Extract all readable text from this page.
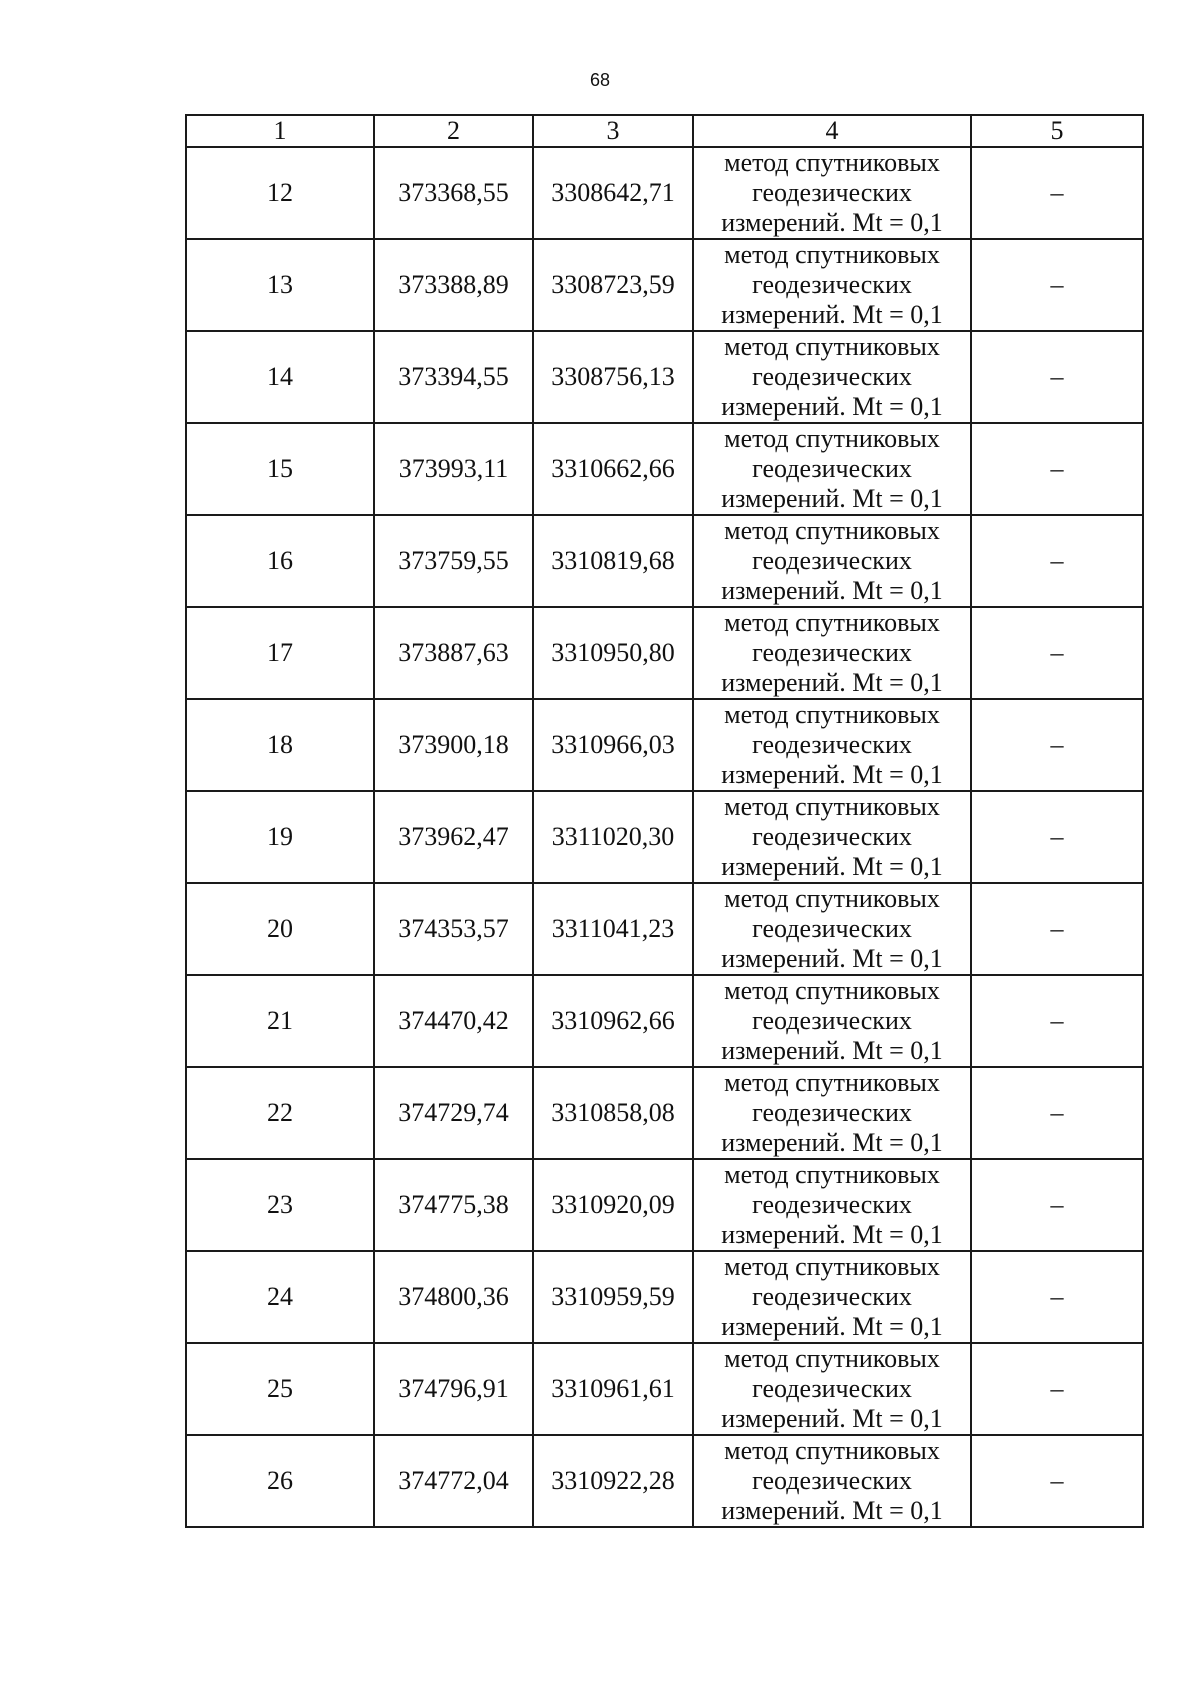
68
1	2	3	4	5
12	373368,55	3308642,71	метод спутниковых
геодезических
измерений. Mt = 0,1	–
13	373388,89	3308723,59	метод спутниковых
геодезических
измерений. Mt = 0,1	–
14	373394,55	3308756,13	метод спутниковых
геодезических
измерений. Mt = 0,1	–
15	373993,11	3310662,66	метод спутниковых
геодезических
измерений. Mt = 0,1	–
16	373759,55	3310819,68	метод спутниковых
геодезических
измерений. Mt = 0,1	–
17	373887,63	3310950,80	метод спутниковых
геодезических
измерений. Mt = 0,1	–
18	373900,18	3310966,03	метод спутниковых
геодезических
измерений. Mt = 0,1	–
19	373962,47	3311020,30	метод спутниковых
геодезических
измерений. Mt = 0,1	–
20	374353,57	3311041,23	метод спутниковых
геодезических
измерений. Mt = 0,1	–
21	374470,42	3310962,66	метод спутниковых
геодезических
измерений. Mt = 0,1	–
22	374729,74	3310858,08	метод спутниковых
геодезических
измерений. Mt = 0,1	–
23	374775,38	3310920,09	метод спутниковых
геодезических
измерений. Mt = 0,1	–
24	374800,36	3310959,59	метод спутниковых
геодезических
измерений. Mt = 0,1	–
25	374796,91	3310961,61	метод спутниковых
геодезических
измерений. Mt = 0,1	–
26	374772,04	3310922,28	метод спутниковых
геодезических
измерений. Mt = 0,1	–
